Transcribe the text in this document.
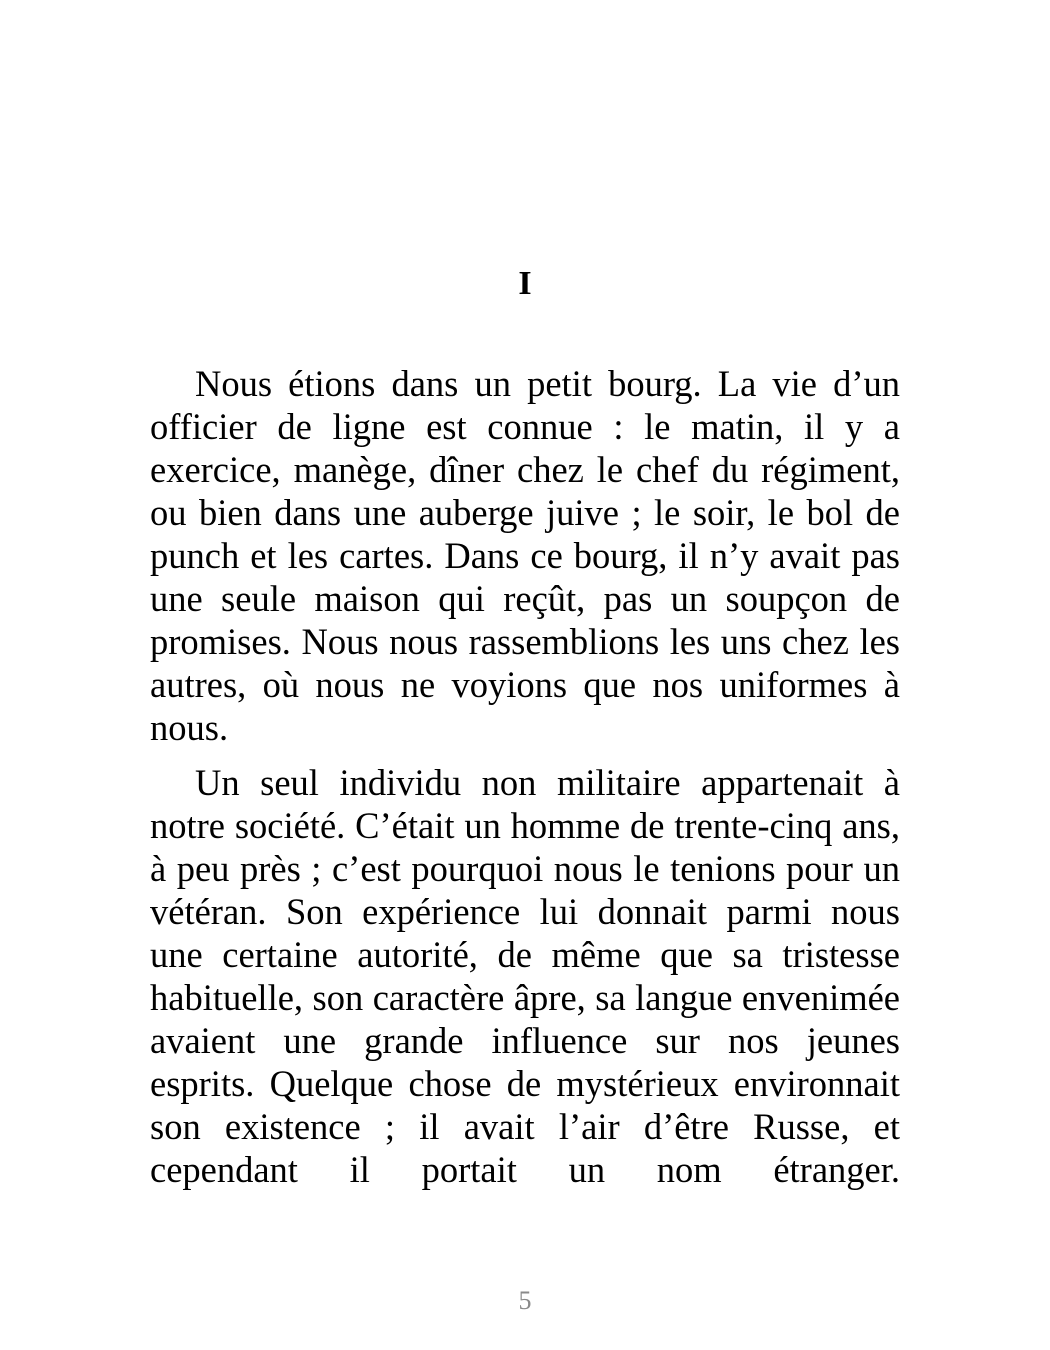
I

Nous étions dans un petit bourg. La vie d’un officier de ligne est connue : le matin, il y a exercice, manège, dîner chez le chef du régiment, ou bien dans une auberge juive ; le soir, le bol de punch et les cartes. Dans ce bourg, il n’y avait pas une seule maison qui reçût, pas un soupçon de promises. Nous nous rassemblions les uns chez les autres, où nous ne voyions que nos uniformes à nous.

Un seul individu non militaire appartenait à notre société. C’était un homme de trente-cinq ans, à peu près ; c’est pourquoi nous le tenions pour un vétéran. Son expérience lui donnait parmi nous une certaine autorité, de même que sa tristesse habituelle, son caractère âpre, sa langue envenimée avaient une grande influence sur nos jeunes esprits. Quelque chose de mystérieux environnait son existence ; il avait l’air d’être Russe, et cependant il portait un nom étranger.

5
